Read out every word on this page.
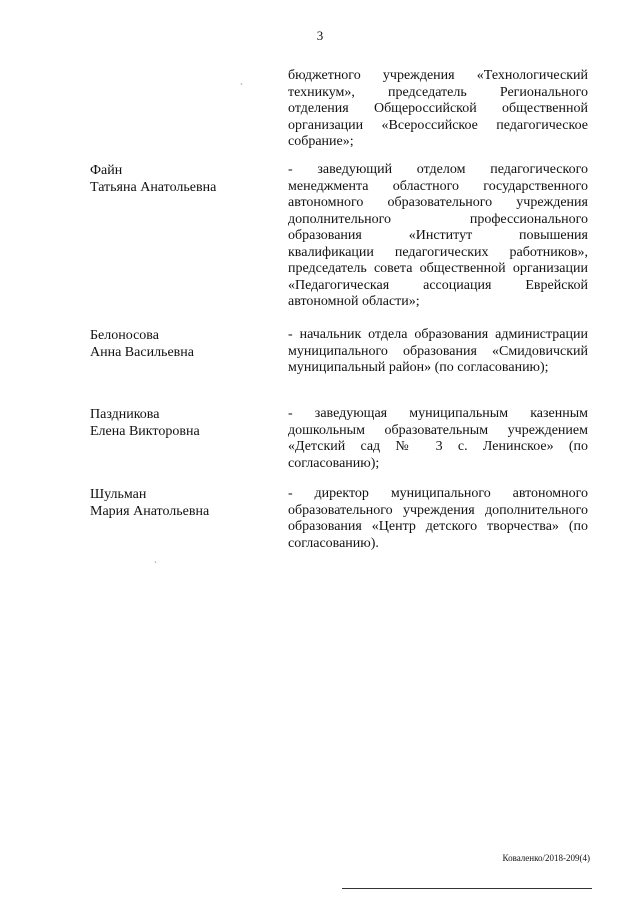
3
бюджетного учреждения «Технологический техникум», председатель Регионального отделения Общероссийской общественной организации «Всероссийское педагогическое собрание»;
Файн
Татьяна Анатольевна
- заведующий отделом педагогического менеджмента областного государственного автономного образовательного учреждения дополнительного профессионального образования «Институт повышения квалификации педагогических работников», председатель совета общественной организации «Педагогическая ассоциация Еврейской автономной области»;
Белоносова
Анна Васильевна
- начальник отдела образования администрации муниципального образования «Смидовичский муниципальный район» (по согласованию);
Паздникова
Елена Викторовна
- заведующая муниципальным казенным дошкольным образовательным учреждением «Детский сад № 3 с. Ленинское» (по согласованию);
Шульман
Мария Анатольевна
- директор муниципального автономного образовательного учреждения дополнительного образования «Центр детского творчества» (по согласованию).
`
`
Коваленко/2018-209(4)
